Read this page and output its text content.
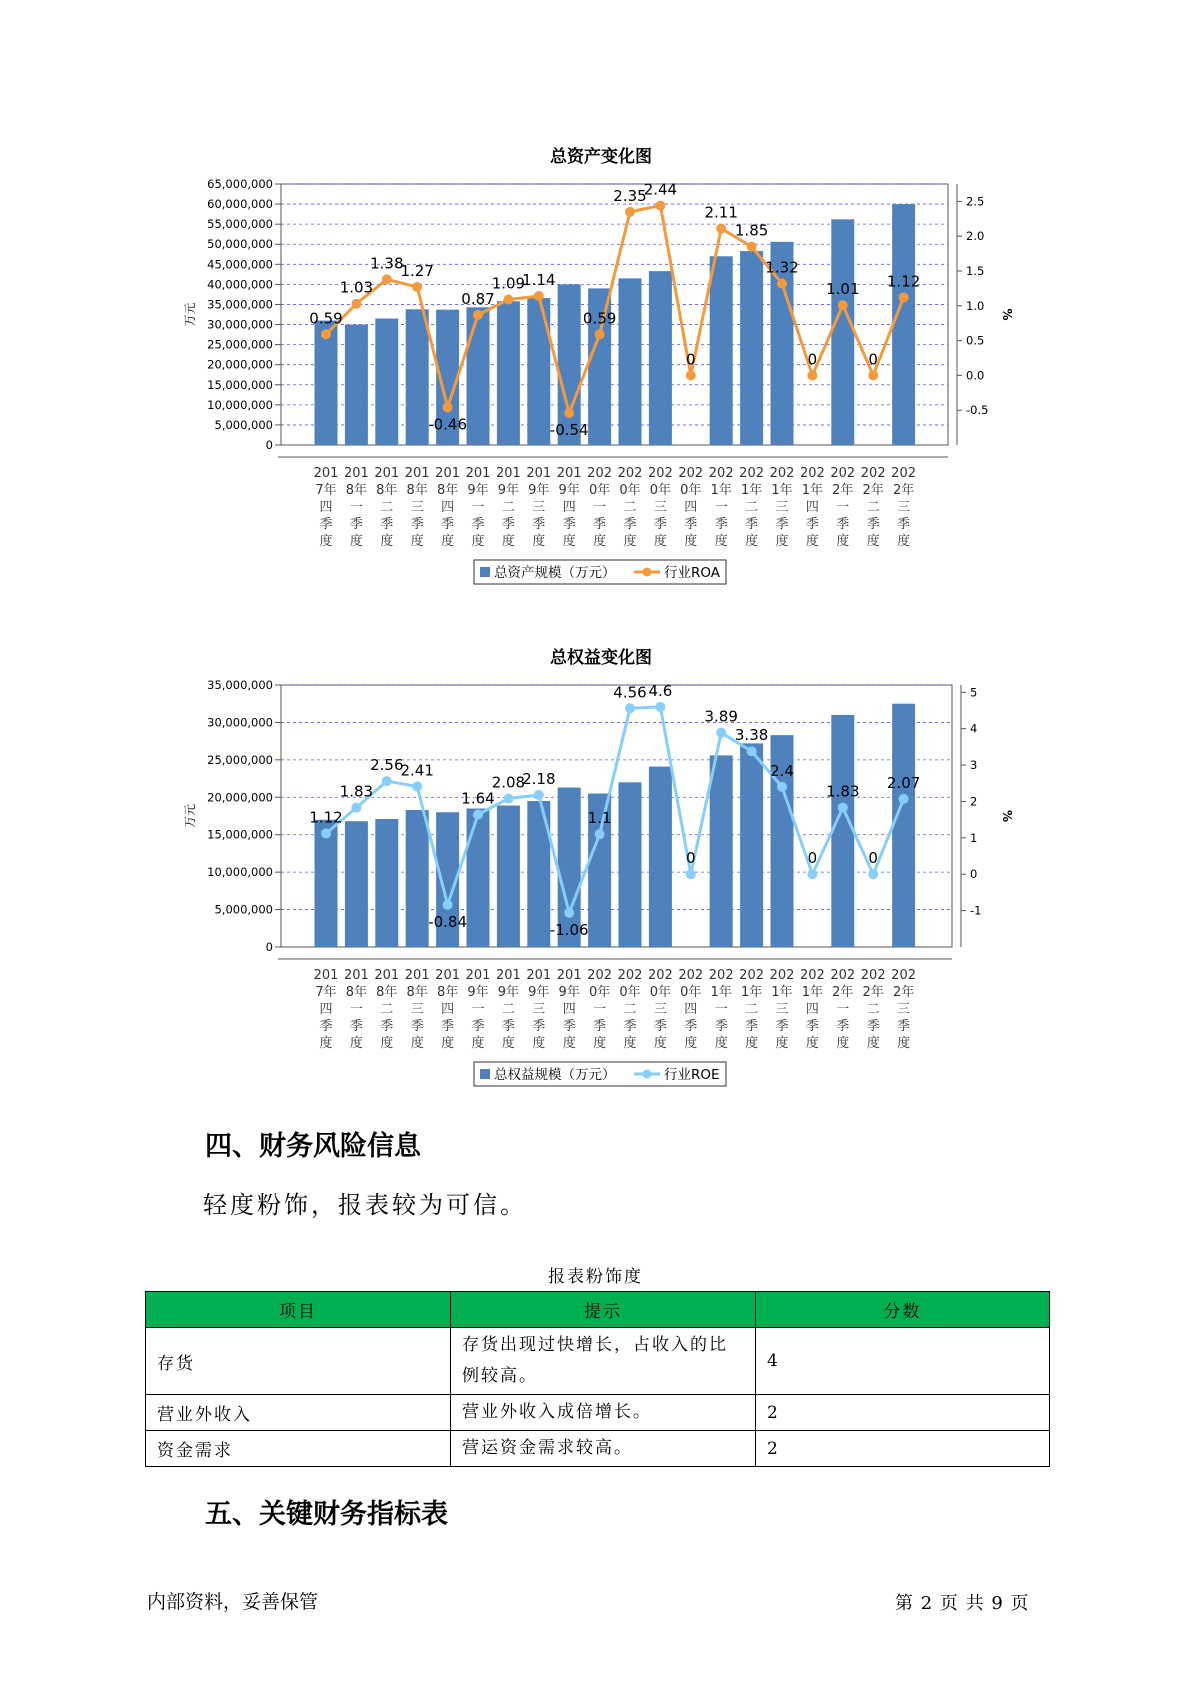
总资产变化图
65,000,000
60,000,000
55,000,000
50,000,000
45,000,000
40,000,000
35,000,000
30,000,000
25,000,000
20,000,000
15,000,000
10,000,000
5,000,000
0
万元
2.5
2.0
1.5
1.0
0.5
0.0
-0.5
%
0.59
1.03
1.38
1.27
-0.46
0.87
1.09
1.14
-0.54
0.59
2.35
2.44
0
2.11
1.85
1.32
0
1.01
0
1.12
201 7年四季度
201 8年一季度
201 8年二季度
201 8年三季度
201 8年四季度
201 9年一季度
201 9年二季度
201 9年三季度
201 9年四季度
202 0年一季度
202 0年二季度
202 0年三季度
202 0年四季度
202 1年一季度
202 1年二季度
202 1年三季度
202 1年四季度
202 2年一季度
202 2年二季度
202 2年三季度
总资产规模（万元）	行业ROA
总权益变化图
35,000,000
30,000,000
25,000,000
20,000,000
15,000,000
10,000,000
5,000,000
0
万元
5
4
3
2
1
0
-1
%
1.12
1.83
2.56
2.41
-0.84
1.64
2.08
2.18
-1.06
1.1
4.56 4.6
0
3.89
3.38
2.4
0
1.83
0
2.07
201 7年四季度
201 8年一季度
201 8年二季度
201 8年三季度
201 8年四季度
201 9年一季度
201 9年二季度
201 9年三季度
201 9年四季度
202 0年一季度
202 0年二季度
202 0年三季度
202 0年四季度
202 1年一季度
202 1年二季度
202 1年三季度
202 1年四季度
202 2年一季度
202 2年二季度
202 2年三季度
总权益规模（万元）	行业ROE
四、财务风险信息

轻度粉饰，报表较为可信。

报表粉饰度
项目	提示	分数
存货	存货出现过快增长，占收入的比例较高。	4
营业外收入	营业外收入成倍增长。	2
资金需求	营运资金需求较高。	2
五、关键财务指标表
内部资料，妥善保管	第 2 页 共 9 页
